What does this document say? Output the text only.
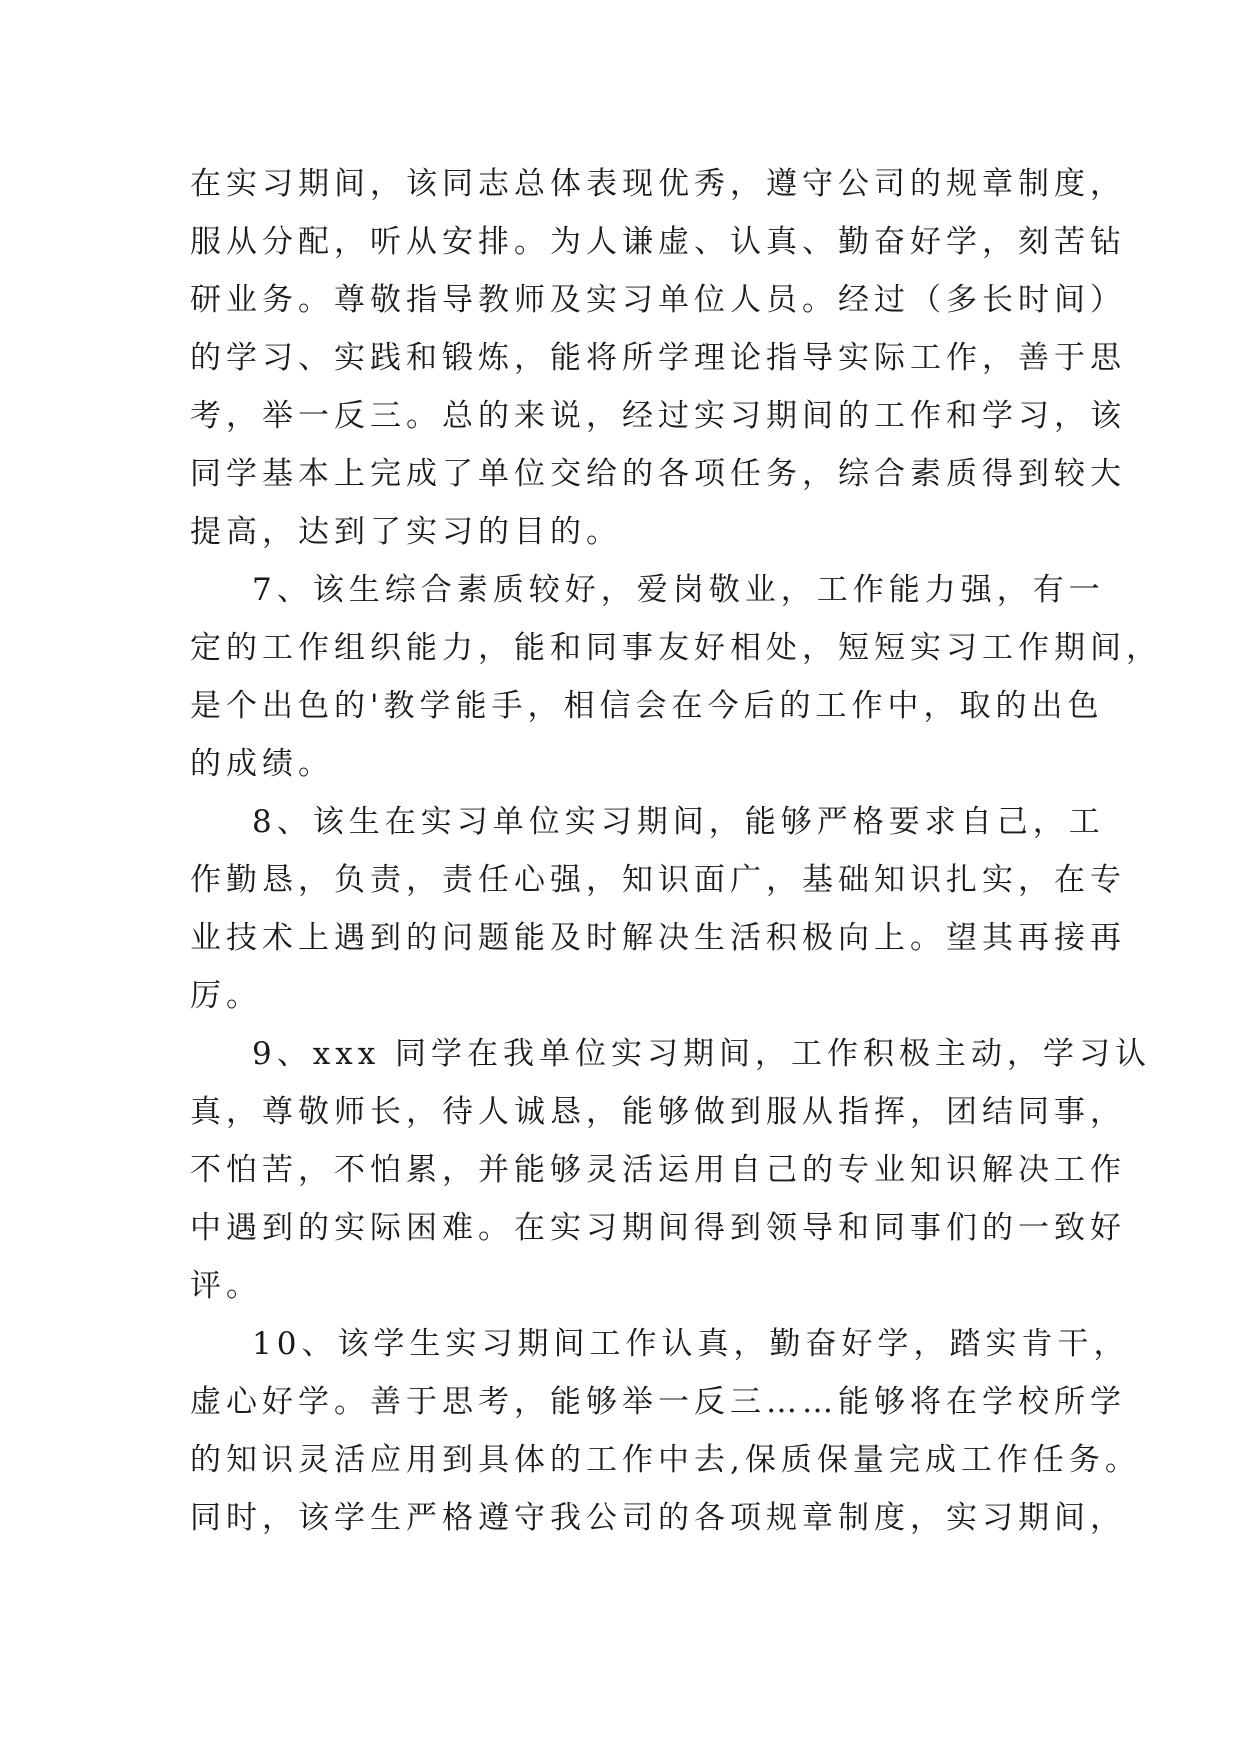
在实习期间，该同志总体表现优秀，遵守公司的规章制度，
服从分配，听从安排。为人谦虚、认真、勤奋好学，刻苦钻
研业务。尊敬指导教师及实习单位人员。经过（多长时间）
的学习、实践和锻炼，能将所学理论指导实际工作，善于思
考，举一反三。总的来说，经过实习期间的工作和学习，该
同学基本上完成了单位交给的各项任务，综合素质得到较大
提高，达到了实习的目的。

7、该生综合素质较好，爱岗敬业，工作能力强，有一
定的工作组织能力，能和同事友好相处，短短实习工作期间，
是个出色的'教学能手，相信会在今后的工作中，取的出色
的成绩。

8、该生在实习单位实习期间，能够严格要求自己，工
作勤恳，负责，责任心强，知识面广，基础知识扎实，在专
业技术上遇到的问题能及时解决生活积极向上。望其再接再
厉。

9、xxx 同学在我单位实习期间，工作积极主动，学习认
真，尊敬师长，待人诚恳，能够做到服从指挥，团结同事，
不怕苦，不怕累，并能够灵活运用自己的专业知识解决工作
中遇到的实际困难。在实习期间得到领导和同事们的一致好
评。

10、该学生实习期间工作认真，勤奋好学，踏实肯干，
虚心好学。善于思考，能够举一反三……能够将在学校所学
的知识灵活应用到具体的工作中去,保质保量完成工作任务。
同时，该学生严格遵守我公司的各项规章制度，实习期间，
